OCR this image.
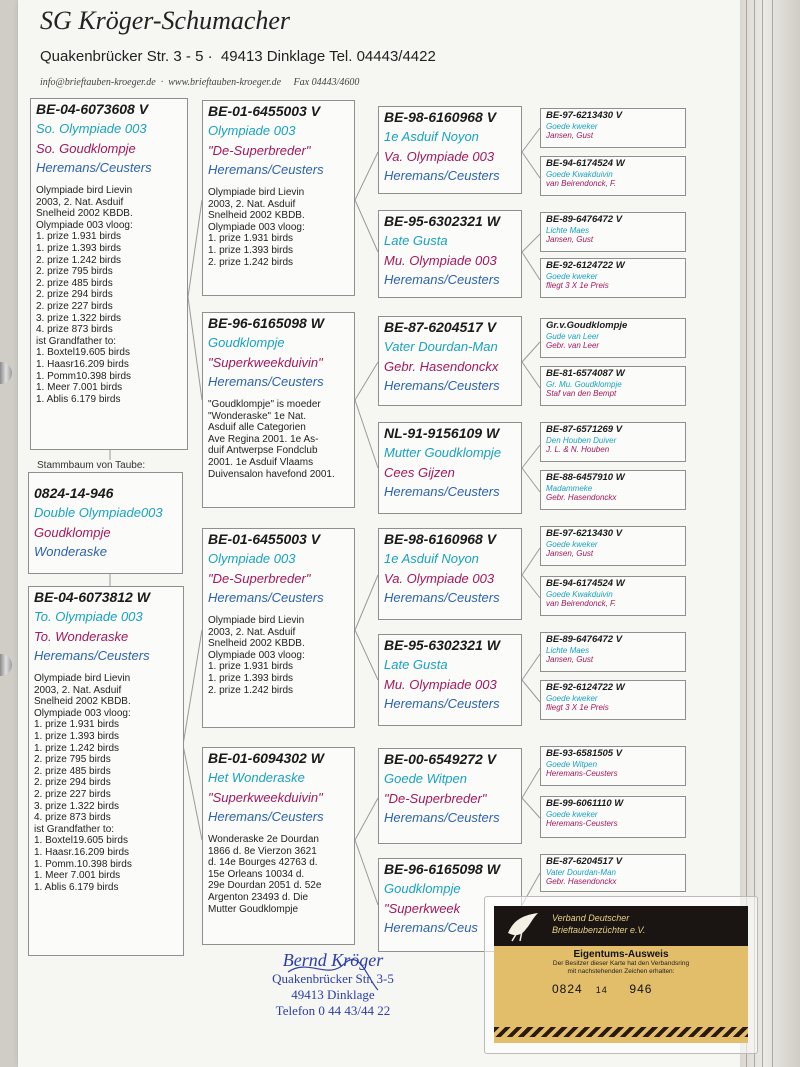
SG Kröger-Schumacher
Quakenbrücker Str. 3 - 5 ·  49413 Dinklage Tel. 04443/4422
info@brieftauben-kroeger.de  ·  www.brieftauben-kroeger.de Fax 04443/4600
BE-04-6073608 V
So. Olympiade 003
So. Goudklompje
Heremans/Ceusters
Olympiade bird Lievin
2003, 2. Nat. Asduif
Snelheid 2002 KBDB.
Olympiade 003 vloog:
1. prize 1.931 birds
1. prize 1.393 birds
2. prize 1.242 birds
2. prize 795 birds
2. prize 485 birds
2. prize 294 birds
2. prize 227 birds
3. prize 1.322 birds
4. prize 873 birds
ist Grandfather to:
1. Boxtel19.605 birds
1. Haasr16.209 birds
1. Pomm10.398 birds
1. Meer 7.001 birds
1. Ablis 6.179 birds
Stammbaum von Taube:
0824-14-946
Double Olympiade003
Goudklompje
Wonderaske
BE-04-6073812 W
To. Olympiade 003
To. Wonderaske
Heremans/Ceusters
Olympiade bird Lievin
2003, 2. Nat. Asduif
Snelheid 2002 KBDB.
Olympiade 003 vloog:
1. prize 1.931 birds
1. prize 1.393 birds
1. prize 1.242 birds
2. prize 795 birds
2. prize 485 birds
2. prize 294 birds
2. prize 227 birds
3. prize 1.322 birds
4. prize 873 birds
ist Grandfather to:
1. Boxtel19.605 birds
1. Haasr.16.209 birds
1. Pomm.10.398 birds
1. Meer 7.001 birds
1. Ablis 6.179 birds
BE-01-6455003 V
Olympiade 003
"De-Superbreder"
Heremans/Ceusters
Olympiade bird Lievin
2003, 2. Nat. Asduif
Snelheid 2002 KBDB.
Olympiade 003 vloog:
1. prize 1.931 birds
1. prize 1.393 birds
2. prize 1.242 birds
BE-96-6165098 W
Goudklompje
"Superkweekduivin"
Heremans/Ceusters
"Goudklompje" is moeder
"Wonderaske" 1e Nat.
Asduif alle Categorien
Ave Regina 2001. 1e As-
duif Antwerpse Fondclub
2001. 1e Asduif Vlaams
Duivensalon havefond 2001.
BE-01-6455003 V
Olympiade 003
"De-Superbreder"
Heremans/Ceusters
Olympiade bird Lievin
2003, 2. Nat. Asduif
Snelheid 2002 KBDB.
Olympiade 003 vloog:
1. prize 1.931 birds
1. prize 1.393 birds
2. prize 1.242 birds
BE-01-6094302 W
Het Wonderaske
"Superkweekduivin"
Heremans/Ceusters
Wonderaske 2e Dourdan
1866 d. 8e Vierzon 3621
d. 14e Bourges 42763 d.
15e Orleans 10034 d.
29e Dourdan 2051 d. 52e
Argenton 23493 d. Die
Mutter Goudklompje
BE-98-6160968 V
1e Asduif Noyon
Va. Olympiade 003
Heremans/Ceusters
BE-95-6302321 W
Late Gusta
Mu. Olympiade 003
Heremans/Ceusters
BE-87-6204517 V
Vater Dourdan-Man
Gebr. Hasendonckx
Heremans/Ceusters
NL-91-9156109 W
Mutter Goudklompje
Cees Gijzen
Heremans/Ceusters
BE-98-6160968 V
1e Asduif Noyon
Va. Olympiade 003
Heremans/Ceusters
BE-95-6302321 W
Late Gusta
Mu. Olympiade 003
Heremans/Ceusters
BE-00-6549272 V
Goede Witpen
"De-Superbreder"
Heremans/Ceusters
BE-96-6165098 W
Goudklompje
"Superkweek
Heremans/Ceus
BE-97-6213430 V
Goede kweker
Jansen, Gust
BE-94-6174524 W
Goede Kwakduivin
van Beirendonck, F.
BE-89-6476472 V
Lichte Maes
Jansen, Gust
BE-92-6124722 W
Goede kweker
fliegt 3 X 1e Preis
Gr.v.Goudklompje
Gude van Leer
Gebr. van Leer
BE-81-6574087 W
Gr. Mu. Goudklompje
Staf van den Bempt
BE-87-6571269 V
Den Houben Duiver
J. L. & N. Houben
BE-88-6457910 W
Madammeke
Gebr. Hasendonckx
BE-97-6213430 V
Goede kweker
Jansen, Gust
BE-94-6174524 W
Goede Kwakduivin
van Beirendonck, F.
BE-89-6476472 V
Lichte Maes
Jansen, Gust
BE-92-6124722 W
Goede kweker
fliegt 3 X 1e Preis
BE-93-6581505 V
Goede Witpen
Heremans-Ceusters
BE-99-6061110 W
Goede kweker
Heremans-Ceusters
BE-87-6204517 V
Vater Dourdan-Man
Gebr. Hasendonckx
Bernd Kröger
Quakenbrücker Str. 3-5
49413 Dinklage
Telefon 0 44 43/44 22
Verband Deutscher
Brieftaubenzüchter e.V.
Eigentums-Ausweis
Der Besitzer dieser Karte hat den Verbandsring
mit nachstehenden Zeichen erhalten:
0824 14 946
